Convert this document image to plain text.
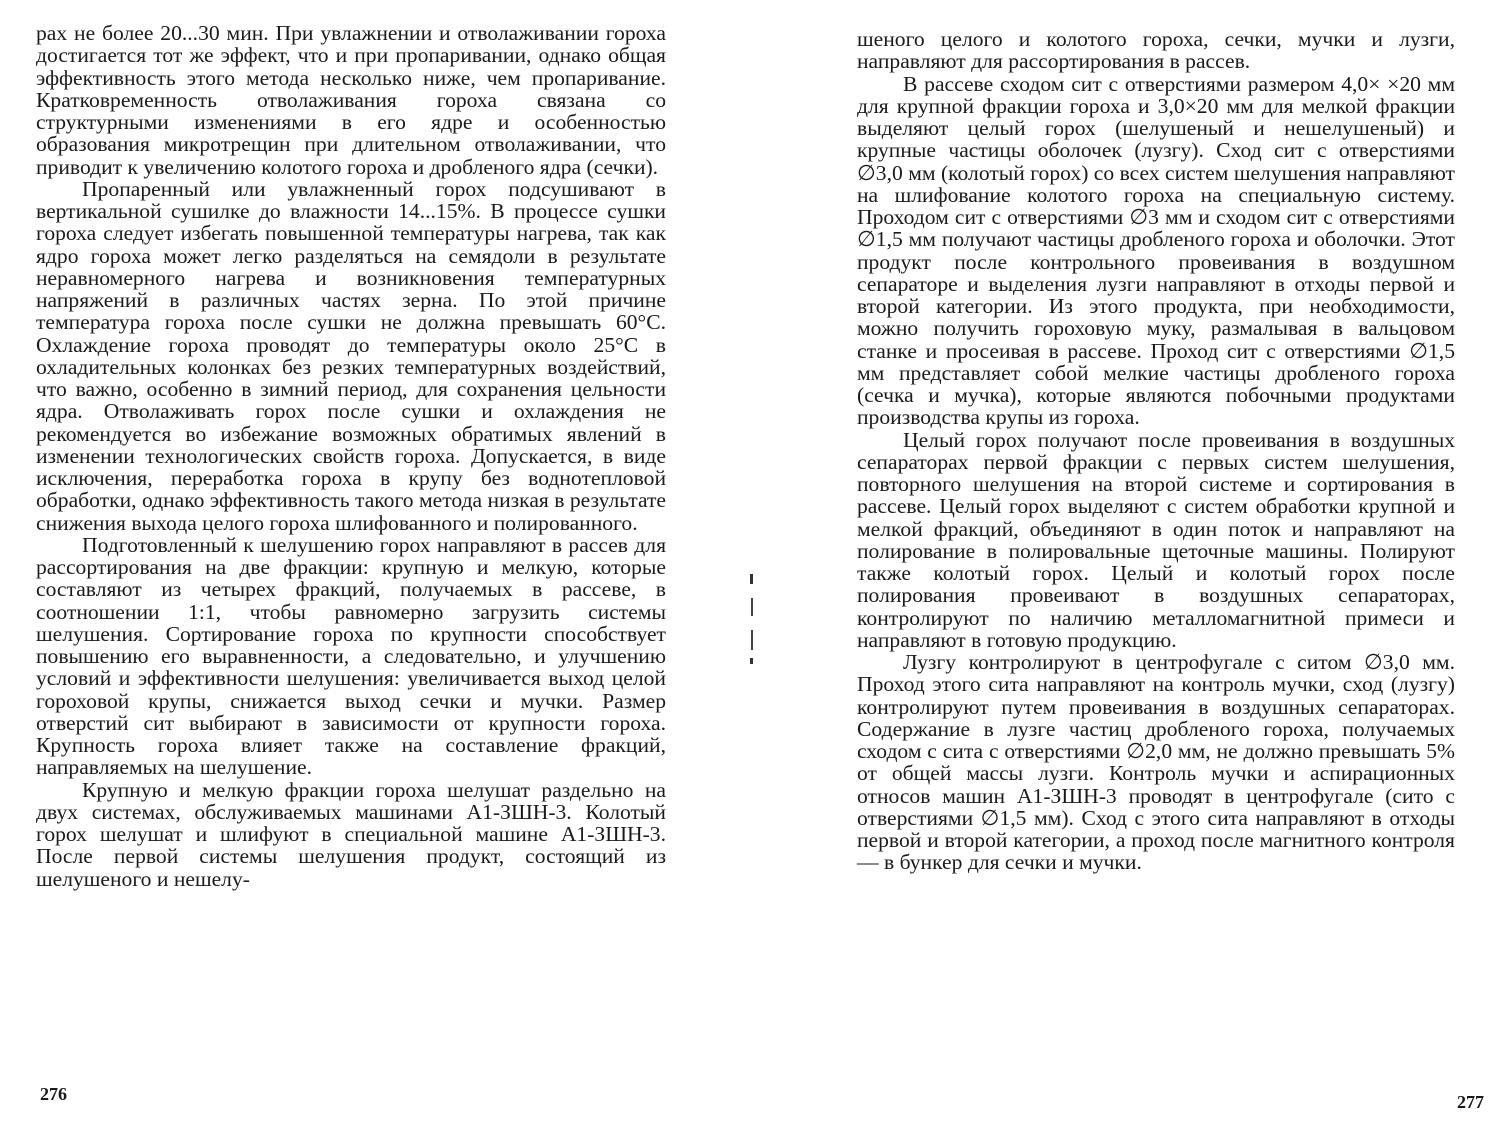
рах не более 20...30 мин. При увлажнении и отволаживании гороха достигается тот же эффект, что и при пропаривании, однако общая эффективность этого метода несколько ниже, чем пропаривание. Кратковременность отволаживания гороха связана со структурными изменениями в его ядре и особенностью образования микротрещин при длительном отволаживании, что приводит к увеличению колотого гороха и дробленого ядра (сечки).

Пропаренный или увлажненный горох подсушивают в вертикальной сушилке до влажности 14...15%. В процессе сушки гороха следует избегать повышенной температуры нагрева, так как ядро гороха может легко разделяться на семядоли в результате неравномерного нагрева и возникновения температурных напряжений в различных частях зерна. По этой причине температура гороха после сушки не должна превышать 60°С. Охлаждение гороха проводят до температуры около 25°С в охладительных колонках без резких температурных воздействий, что важно, особенно в зимний период, для сохранения цельности ядра. Отволаживать горох после сушки и охлаждения не рекомендуется во избежание возможных обратимых явлений в изменении технологических свойств гороха. Допускается, в виде исключения, переработка гороха в крупу без воднотепловой обработки, однако эффективность такого метода низкая в результате снижения выхода целого гороха шлифованного и полированного.

Подготовленный к шелушению горох направляют в рассев для рассортирования на две фракции: крупную и мелкую, которые составляют из четырех фракций, получаемых в рассеве, в соотношении 1:1, чтобы равномерно загрузить системы шелушения. Сортирование гороха по крупности способствует повышению его выравненности, а следовательно, и улучшению условий и эффективности шелушения: увеличивается выход целой гороховой крупы, снижается выход сечки и мучки. Размер отверстий сит выбирают в зависимости от крупности гороха. Крупность гороха влияет также на составление фракций, направляемых на шелушение.

Крупную и мелкую фракции гороха шелушат раздельно на двух системах, обслуживаемых машинами А1-ЗШН-3. Колотый горох шелушат и шлифуют в специальной машине А1-ЗШН-3. После первой системы шелушения продукт, состоящий из шелушеного и нешелу-

276

шеного целого и колотого гороха, сечки, мучки и лузги, направляют для рассортирования в рассев.

В рассеве сходом сит с отверстиями размером 4,0× ×20 мм для крупной фракции гороха и 3,0×20 мм для мелкой фракции выделяют целый горох (шелушеный и нешелушеный) и крупные частицы оболочек (лузгу). Сход сит с отверстиями ∅3,0 мм (колотый горох) со всех систем шелушения направляют на шлифование колотого гороха на специальную систему. Проходом сит с отверстиями ∅3 мм и сходом сит с отверстиями ∅1,5 мм получают частицы дробленого гороха и оболочки. Этот продукт после контрольного провеивания в воздушном сепараторе и выделения лузги направляют в отходы первой и второй категории. Из этого продукта, при необходимости, можно получить гороховую муку, размалывая в вальцовом станке и просеивая в рассеве. Проход сит с отверстиями ∅1,5 мм представляет собой мелкие частицы дробленого гороха (сечка и мучка), которые являются побочными продуктами производства крупы из гороха.

Целый горох получают после провеивания в воздушных сепараторах первой фракции с первых систем шелушения, повторного шелушения на второй системе и сортирования в рассеве. Целый горох выделяют с систем обработки крупной и мелкой фракций, объединяют в один поток и направляют на полирование в полировальные щеточные машины. Полируют также колотый горох. Целый и колотый горох после полирования провеивают в воздушных сепараторах, контролируют по наличию металломагнитной примеси и направляют в готовую продукцию.

Лузгу контролируют в центрофугале с ситом ∅3,0 мм. Проход этого сита направляют на контроль мучки, сход (лузгу) контролируют путем провеивания в воздушных сепараторах. Содержание в лузге частиц дробленого гороха, получаемых сходом с сита с отверстиями ∅2,0 мм, не должно превышать 5% от общей массы лузги. Контроль мучки и аспирационных относов машин А1-ЗШН-3 проводят в центрофугале (сито с отверстиями ∅1,5 мм). Сход с этого сита направляют в отходы первой и второй категории, а проход после магнитного контроля — в бункер для сечки и мучки.

277
